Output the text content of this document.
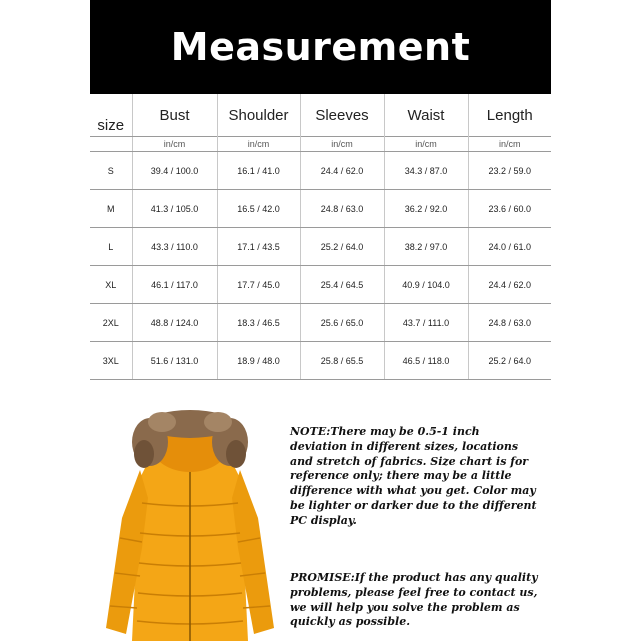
Measurement
size	Bust	Shoulder	Sleeves	Waist	Length
	in/cm	in/cm	in/cm	in/cm	in/cm
S	39.4 / 100.0	16.1 / 41.0	24.4 / 62.0	34.3 / 87.0	23.2 / 59.0
M	41.3 / 105.0	16.5 / 42.0	24.8 / 63.0	36.2 / 92.0	23.6 / 60.0
L	43.3 / 110.0	17.1 / 43.5	25.2 / 64.0	38.2 / 97.0	24.0 / 61.0
XL	46.1 / 117.0	17.7 / 45.0	25.4 / 64.5	40.9 / 104.0	24.4 / 62.0
2XL	48.8 / 124.0	18.3 / 46.5	25.6 / 65.0	43.7 / 111.0	24.8 / 63.0
3XL	51.6 / 131.0	18.9 / 48.0	25.8 / 65.5	46.5 / 118.0	25.2 / 64.0

NOTE:There may be 0.5-1 inch deviation in different sizes, locations and stretch of fabrics. Size chart is for reference only; there may be a little difference with what you get. Color may be lighter or darker due to the different PC display.

PROMISE:If the product has any quality problems, please feel free to contact us, we will help you solve the problem as quickly as possible.
